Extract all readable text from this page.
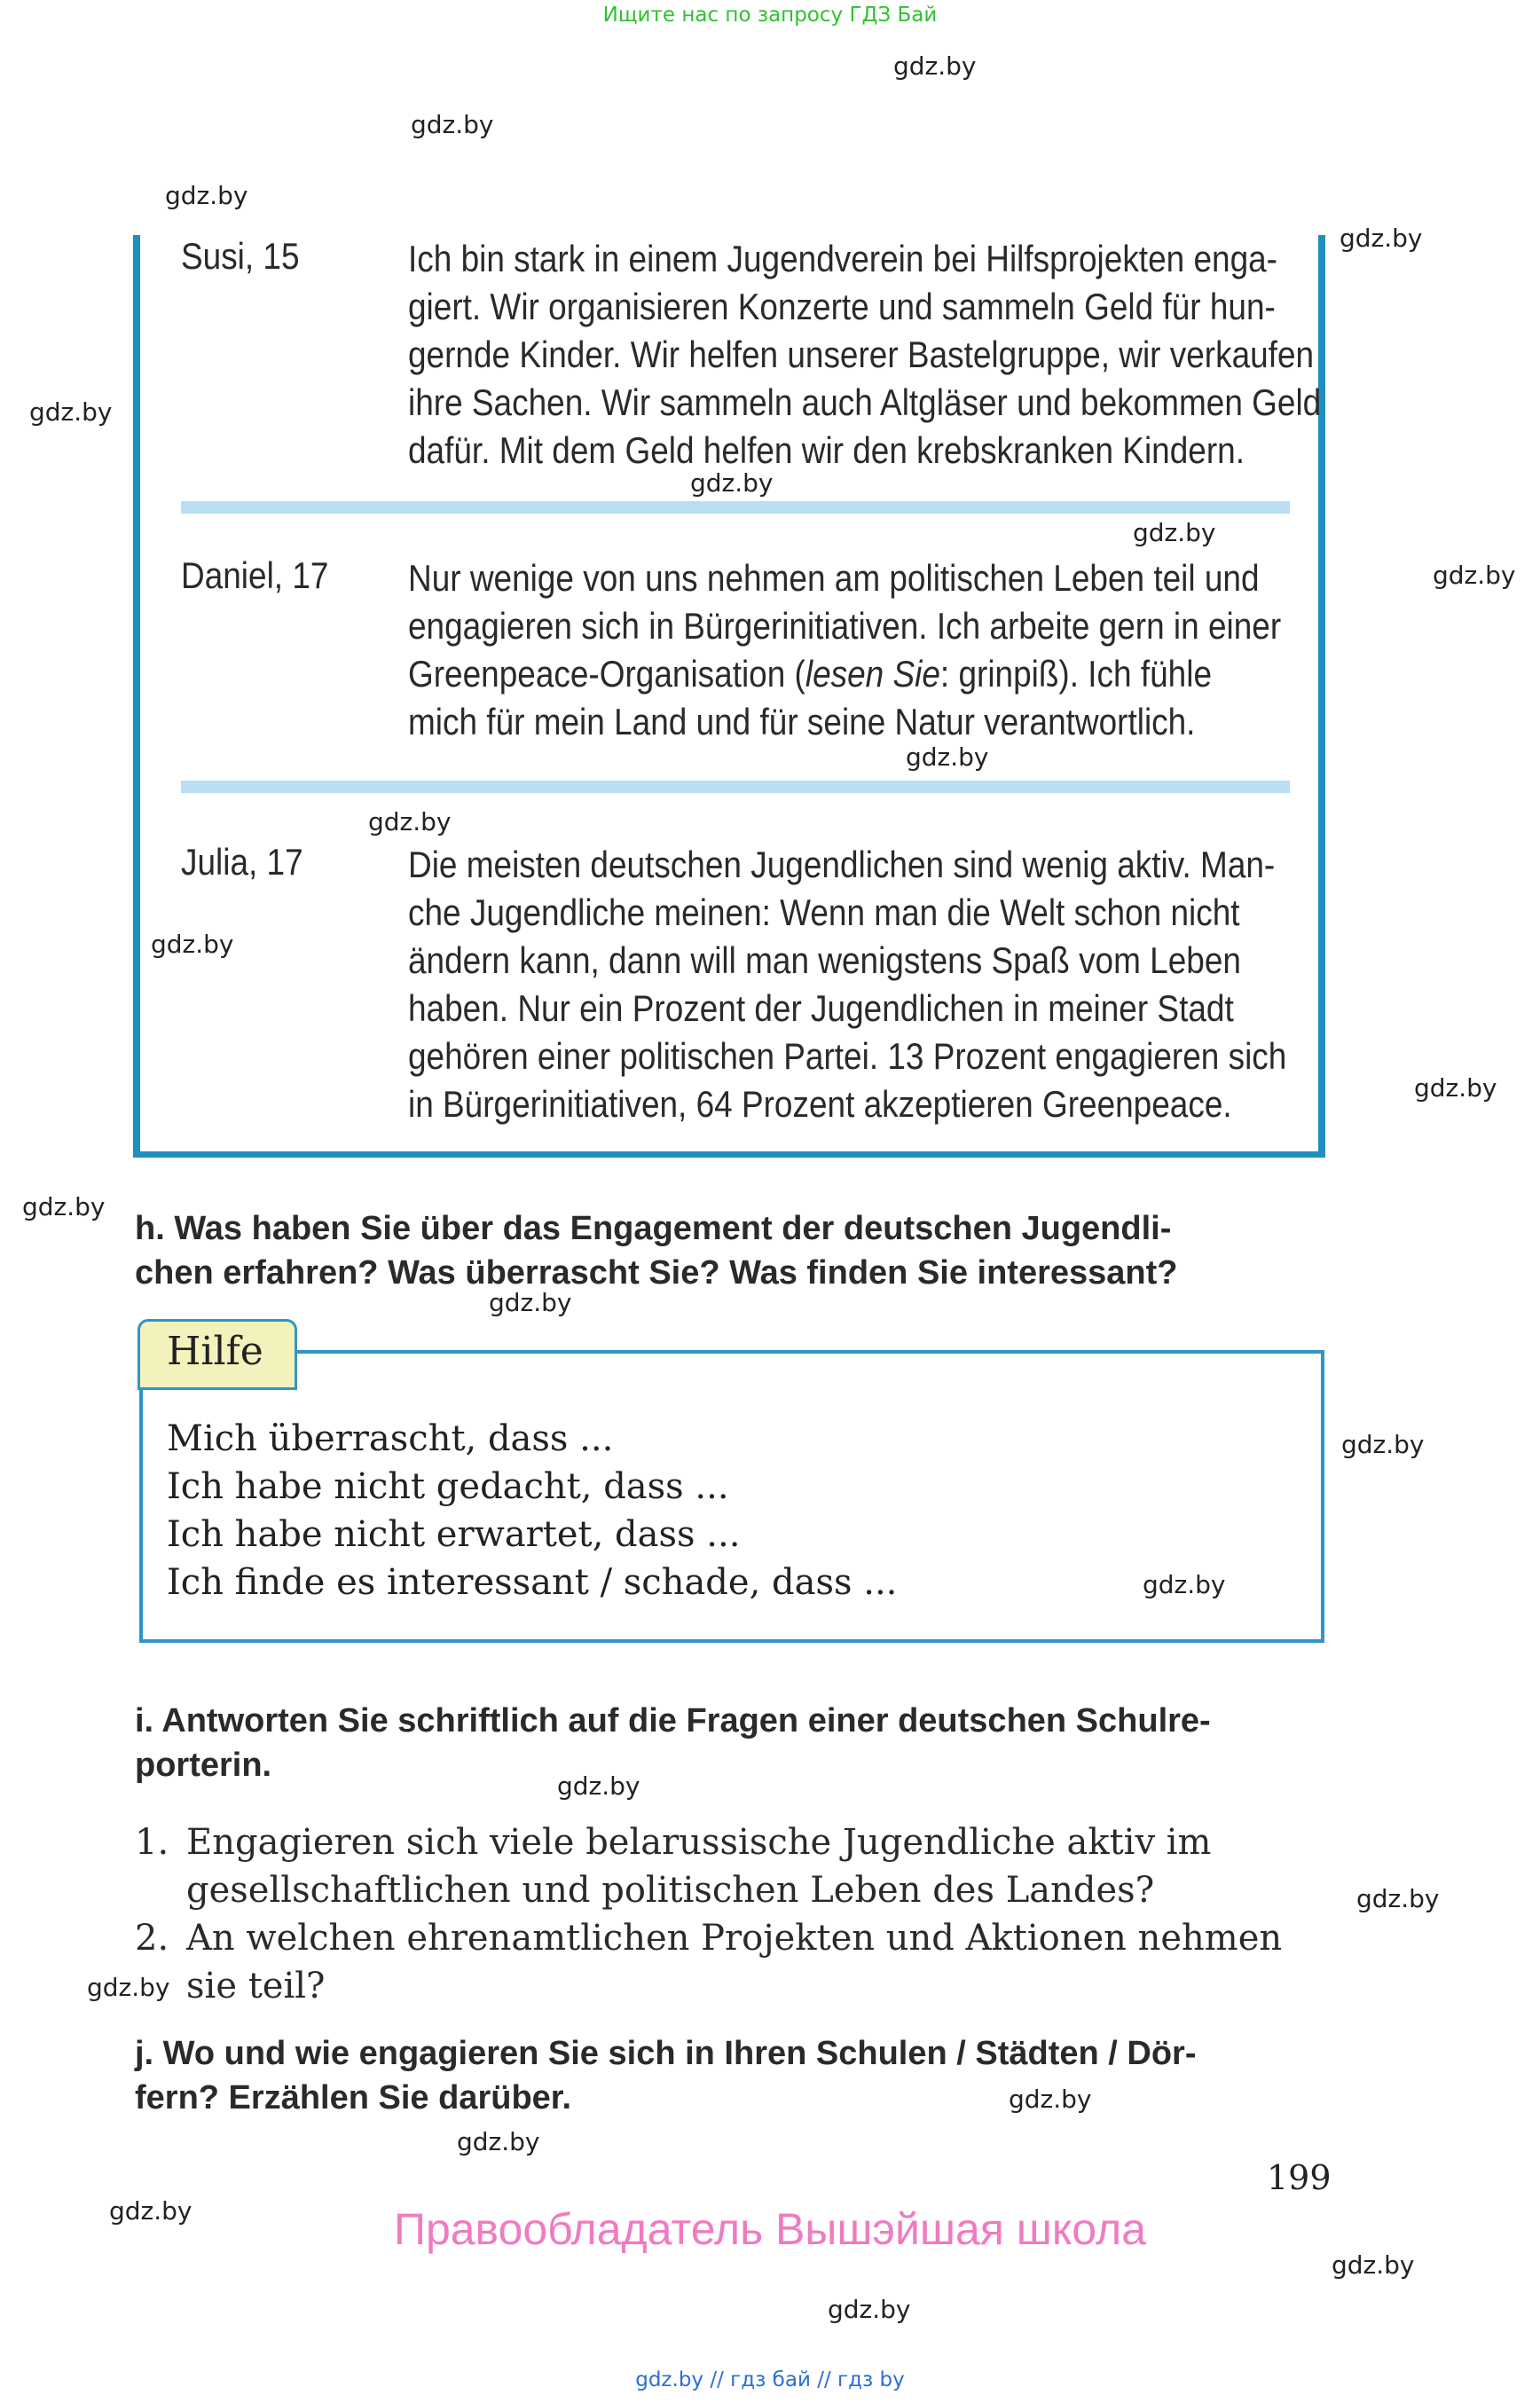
Ищите нас по запросу ГДЗ Бай
Susi, 15	Ich bin stark in einem Jugendverein bei Hilfsprojekten enga-
giert. Wir organisieren Konzerte und sammeln Geld für hun-
gernde Kinder. Wir helfen unserer Bastelgruppe, wir verkaufen
ihre Sachen. Wir sammeln auch Altgläser und bekommen Geld
dafür. Mit dem Geld helfen wir den krebskranken Kindern.
Daniel, 17 Nur wenige von uns nehmen am politischen Leben teil und
engagieren sich in Bürgerinitiativen. Ich arbeite gern in einer
Greenpeace-Organisation (lesen Sie: grinpiß). Ich fühle
mich für mein Land und für seine Natur verantwortlich.
Julia, 17	Die meisten deutschen Jugendlichen sind wenig aktiv. Man-
che Jugendliche meinen: Wenn man die Welt schon nicht
ändern kann, dann will man wenigstens Spaß vom Leben
haben. Nur ein Prozent der Jugendlichen in meiner Stadt
gehören einer politischen Partei. 13 Prozent engagieren sich
in Bürgerinitiativen, 64 Prozent akzeptieren Greenpeace.
h. Was haben Sie über das Engagement der deutschen Jugendli-
chen erfahren? Was überrascht Sie? Was finden Sie interessant?
Hilfe
Mich überrascht, dass ...
Ich habe nicht gedacht, dass ...
Ich habe nicht erwartet, dass ...
Ich finde es interessant / schade, dass ...
i. Antworten Sie schriftlich auf die Fragen einer deutschen Schulre-
porterin.
1. Engagieren sich viele belarussische Jugendliche aktiv im
gesellschaftlichen und politischen Leben des Landes?
2. An welchen ehrenamtlichen Projekten und Aktionen nehmen
sie teil?
j. Wo und wie engagieren Sie sich in Ihren Schulen / Städten / Dör-
fern? Erzählen Sie darüber.
199
Правообладатель Вышэйшая школа
gdz.by // гдз бай // гдз by
gdz.by
gdz.by
gdz.by
gdz.by
gdz.by
gdz.by
gdz.by
gdz.by
gdz.by
gdz.by
gdz.by
gdz.by
gdz.by
gdz.by
gdz.by
gdz.by
gdz.by
gdz.by
gdz.by
gdz.by
gdz.by
gdz.by
gdz.by
gdz.by
